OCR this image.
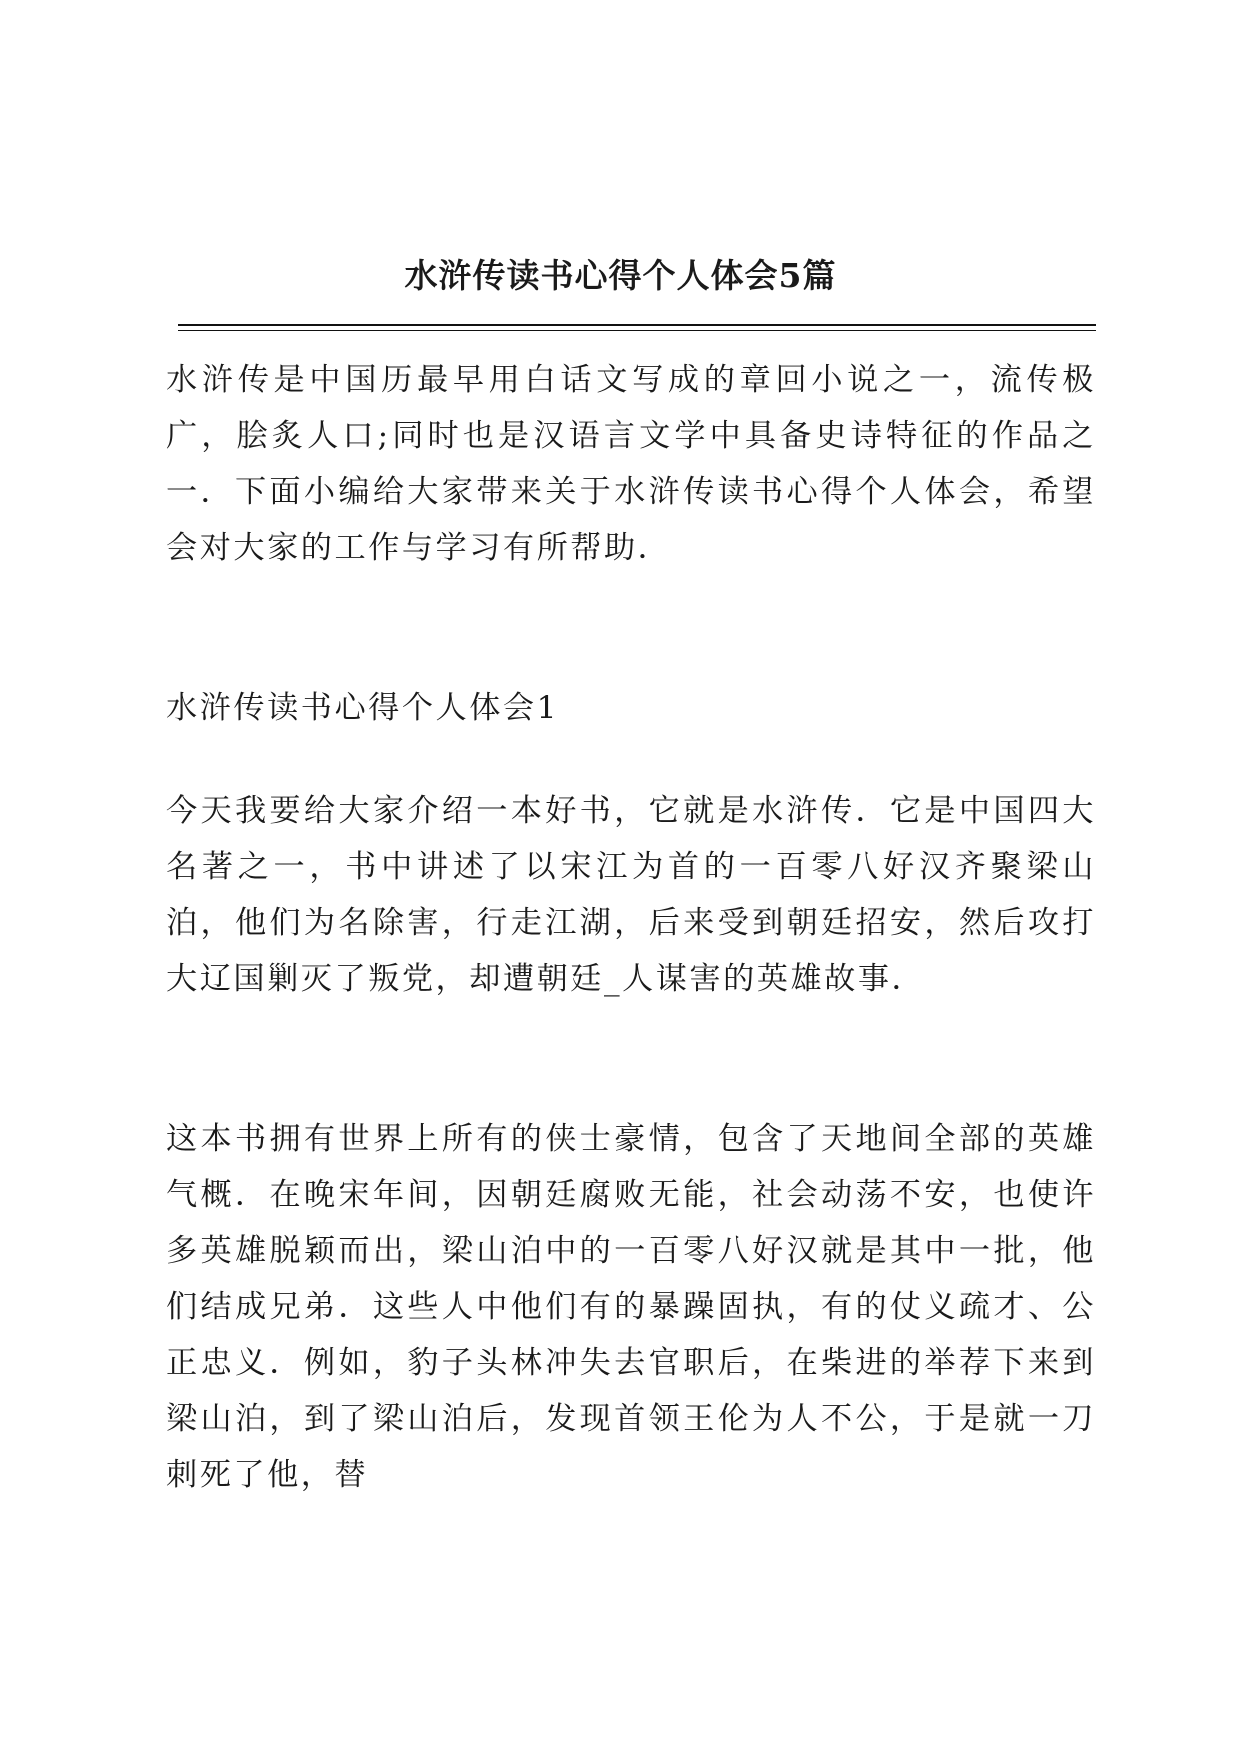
水浒传读书心得个人体会5篇

水浒传是中国历最早用白话文写成的章回小说之一，流传极广，脍炙人口;同时也是汉语言文学中具备史诗特征的作品之一．下面小编给大家带来关于水浒传读书心得个人体会，希望会对大家的工作与学习有所帮助．

水浒传读书心得个人体会1

今天我要给大家介绍一本好书，它就是水浒传．它是中国四大名著之一，书中讲述了以宋江为首的一百零八好汉齐聚梁山泊，他们为名除害，行走江湖，后来受到朝廷招安，然后攻打大辽国剿灭了叛党，却遭朝廷_人谋害的英雄故事．

这本书拥有世界上所有的侠士豪情，包含了天地间全部的英雄气概．在晚宋年间，因朝廷腐败无能，社会动荡不安，也使许多英雄脱颖而出，梁山泊中的一百零八好汉就是其中一批，他们结成兄弟．这些人中他们有的暴躁固执，有的仗义疏才、公正忠义．例如，豹子头林冲失去官职后，在柴进的举荐下来到梁山泊，到了梁山泊后，发现首领王伦为人不公，于是就一刀刺死了他，替
